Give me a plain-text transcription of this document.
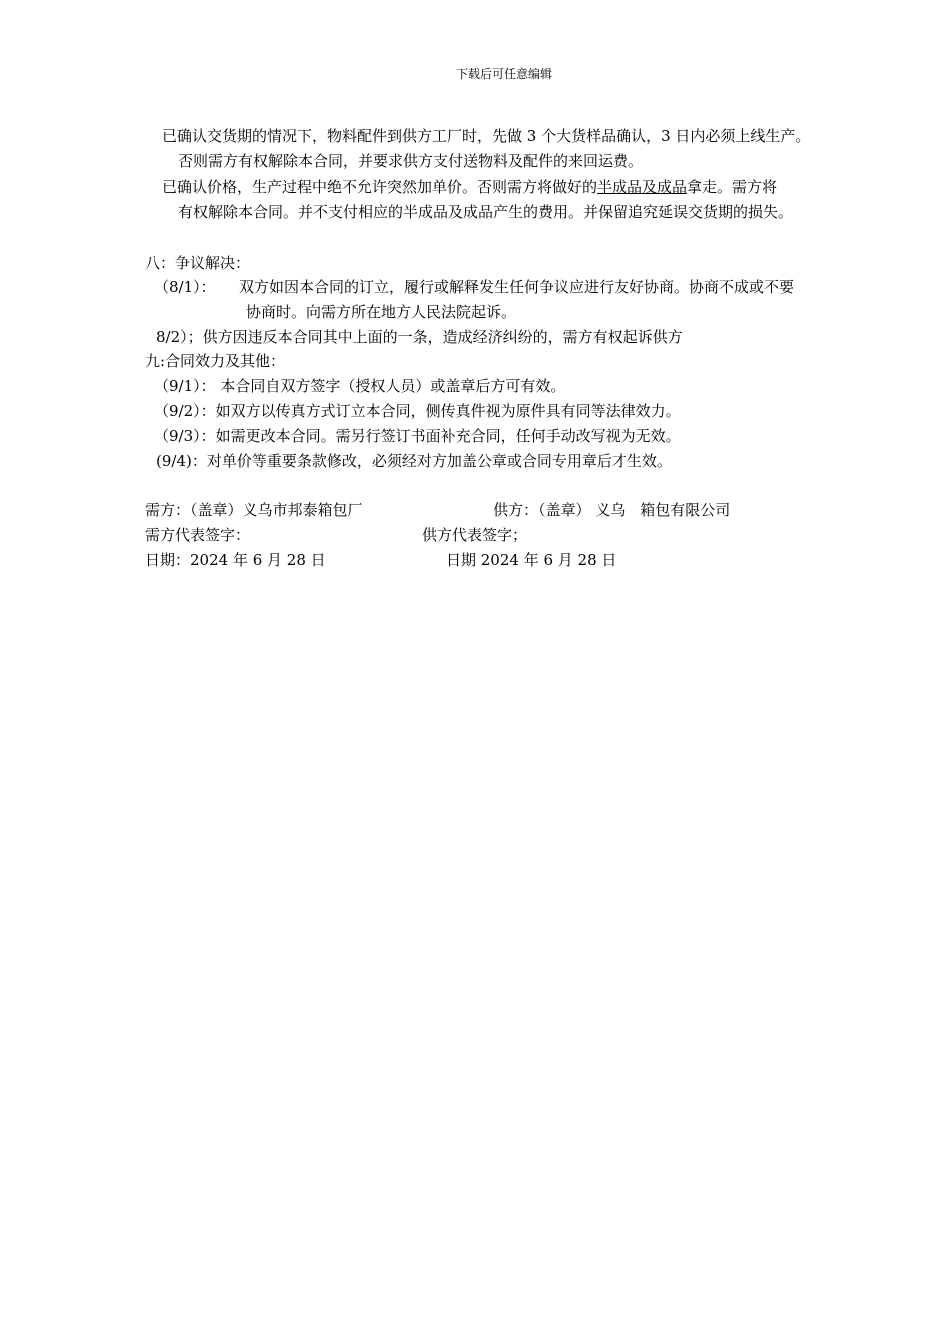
下载后可任意编辑
已确认交货期的情况下，物料配件到供方工厂时，先做 3 个大货样品确认，3 日内必须上线生产。
否则需方有权解除本合同，并要求供方支付送物料及配件的来回运费。
已确认价格，生产过程中绝不允许突然加单价。否则需方将做好的半成品及成品拿走。需方将
有权解除本合同。并不支付相应的半成品及成品产生的费用。并保留追究延误交货期的损失。
八：争议解决：
（8/1）： 双方如因本合同的订立，履行或解释发生任何争议应进行友好协商。协商不成或不要
协商时。向需方所在地方人民法院起诉。
8/2）；供方因违反本合同其中上面的一条，造成经济纠纷的，需方有权起诉供方
九:合同效力及其他：
（9/1）： 本合同自双方签字（授权人员）或盖章后方可有效。
（9/2）：如双方以传真方式订立本合同，侧传真件视为原件具有同等法律效力。
（9/3）：如需更改本合同。需另行签订书面补充合同，任何手动改写视为无效。
(9/4)：对单价等重要条款修改，必须经对方加盖公章或合同专用章后才生效。
需方：（盖章）义乌市邦泰箱包厂	供方：（盖章） 义乌　箱包有限公司
需方代表签字：	供方代表签字；
日期：2024 年 6 月 28 日	日期 2024 年 6 月 28 日
